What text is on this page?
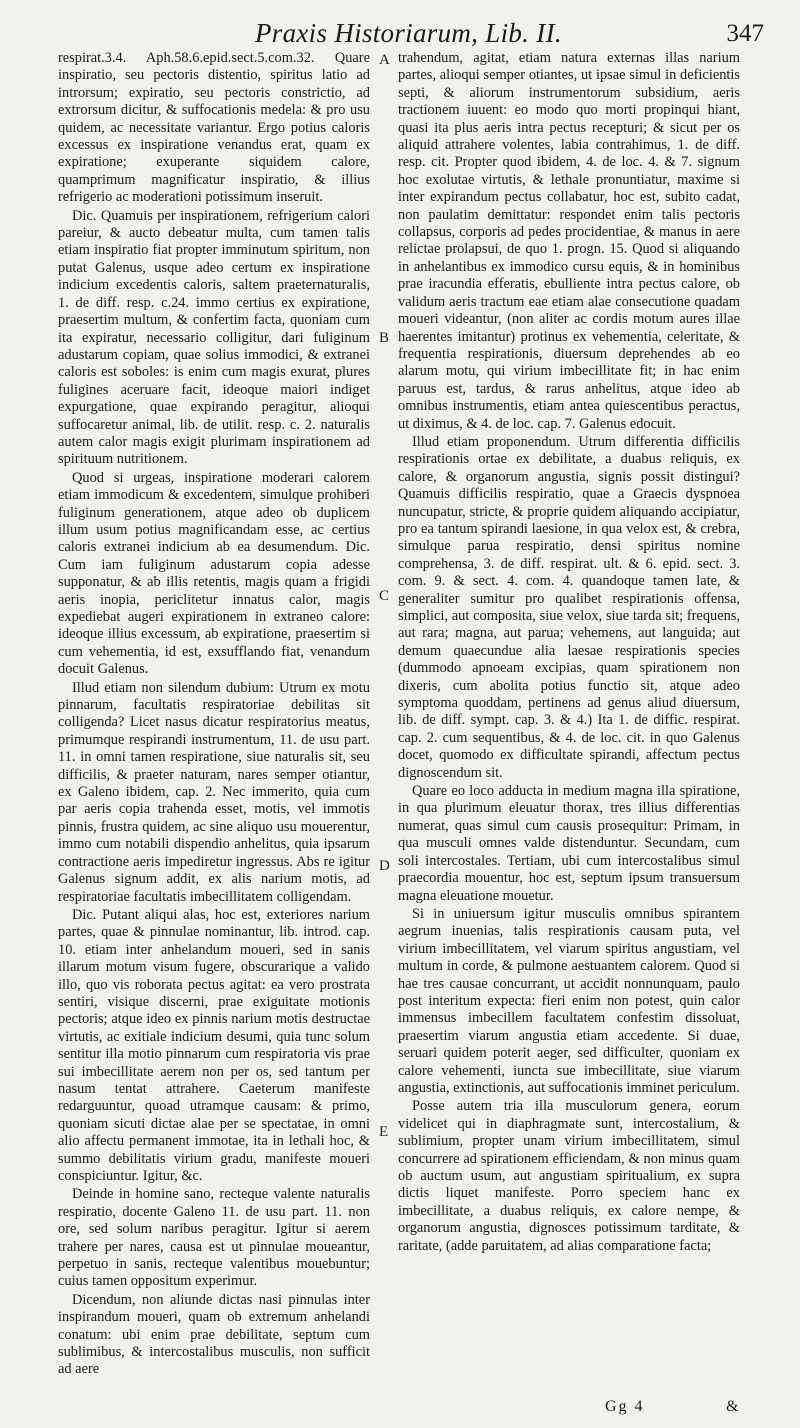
Praxis Historiarum, Lib. II.	347

respirat.3.4. Aph.58.6.epid.sect.5.com.32. Quare inspiratio, seu pectoris distentio, spiritus latio ad introrsum; expiratio, seu pectoris constrictio, ad extrorsum dicitur, & suffocationis medela: & pro usu quidem, ac necessitate variantur. Ergo potius caloris excessus ex inspiratione venandus erat, quam ex expiratione; exuperante siquidem calore, quamprimum magnificatur inspiratio, & illius refrigerio ac moderationi potissimum inseruit.

Dic. Quamuis per inspirationem, refrigerium calori pareiur, & aucto debeatur multa, cum tamen talis etiam inspiratio fiat propter imminutum spiritum, non putat Galenus, usque adeo certum ex inspiratione indicium excedentis caloris, saltem praeternaturalis, 1. de diff. resp. c.24. immo certius ex expiratione, praesertim multum, & confertim facta, quoniam cum ita expiratur, necessario colligitur, dari fuliginum adustarum copiam, quae solius immodici, & extranei caloris est soboles: is enim cum magis exurat, plures fuligines aceruare facit, ideoque maiori indiget expurgatione, quae expirando peragitur, alioqui suffocaretur animal, lib. de utilit. resp. c. 2. naturalis autem calor magis exigit plurimam inspirationem ad spirituum nutritionem.

Quod si urgeas, inspiratione moderari calorem etiam immodicum & excedentem, simulque prohiberi fuliginum generationem, atque adeo ob duplicem illum usum potius magnificandam esse, ac certius caloris extranei indicium ab ea desumendum. Dic. Cum iam fuliginum adustarum copia adesse supponatur, & ab illis retentis, magis quam a frigidi aeris inopia, periclitetur innatus calor, magis expediebat augeri expirationem in extraneo calore: ideoque illius excessum, ab expiratione, praesertim si cum vehementia, id est, exsufflando fiat, venandum docuit Galenus.

Illud etiam non silendum dubium: Utrum ex motu pinnarum, facultatis respiratoriae debilitas sit colligenda? Licet nasus dicatur respiratorius meatus, primumque respirandi instrumentum, 11. de usu part. 11. in omni tamen respiratione, siue naturalis sit, seu difficilis, & praeter naturam, nares semper otiantur, ex Galeno ibidem, cap. 2. Nec immerito, quia cum par aeris copia trahenda esset, motis, vel immotis pinnis, frustra quidem, ac sine aliquo usu mouerentur, immo cum notabili dispendio anhelitus, quia ipsarum contractione aeris impediretur ingressus. Abs re igitur Galenus signum addit, ex alis narium motis, ad respiratoriae facultatis imbecillitatem colligendam.

Dic. Putant aliqui alas, hoc est, exteriores narium partes, quae & pinnulae nominantur, lib. introd. cap. 10. etiam inter anhelandum moueri, sed in sanis illarum motum visum fugere, obscurarique a valido illo, quo vis roborata pectus agitat: ea vero prostrata sentiri, visique discerni, prae exiguitate motionis pectoris; atque ideo ex pinnis narium motis destructae virtutis, ac exitiale indicium desumi, quia tunc solum sentitur illa motio pinnarum cum respiratoria vis prae sui imbecillitate aerem non per os, sed tantum per nasum tentat attrahere. Caeterum manifeste redarguuntur, quoad utramque causam: & primo, quoniam sicuti dictae alae per se spectatae, in omni alio affectu permanent immotae, ita in lethali hoc, & summo debilitatis virium gradu, manifeste moueri conspiciuntur. Igitur, &c.

Deinde in homine sano, recteque valente naturalis respiratio, docente Galeno 11. de usu part. 11. non ore, sed solum naribus peragitur. Igitur si aerem trahere per nares, causa est ut pinnulae moueantur, perpetuo in sanis, recteque valentibus mouebuntur; cuius tamen oppositum experimur.

Dicendum, non aliunde dictas nasi pinnulas inter inspirandum moueri, quam ob extremum anhelandi conatum: ubi enim prae debilitate, septum cum sublimibus, & intercostalibus musculis, non sufficit ad aere

A
B
C
D
E

trahendum, agitat, etiam natura externas illas narium partes, alioqui semper otiantes, ut ipsae simul in deficientis septi, & aliorum instrumentorum subsidium, aeris tractionem iuuent: eo modo quo morti propinqui hiant, quasi ita plus aeris intra pectus recepturi; & sicut per os aliquid attrahere volentes, labia contrahimus, 1. de diff. resp. cit. Propter quod ibidem, 4. de loc. 4. & 7. signum hoc exolutae virtutis, & lethale pronuntiatur, maxime si inter expirandum pectus collabatur, hoc est, subito cadat, non paulatim demittatur: respondet enim talis pectoris collapsus, corporis ad pedes procidentiae, & manus in aere relictae prolapsui, de quo 1. progn. 15. Quod si aliquando in anhelantibus ex immodico cursu equis, & in hominibus prae iracundia efferatis, ebulliente intra pectus calore, ob validum aeris tractum eae etiam alae consecutione quadam moueri videantur, (non aliter ac cordis motum aures illae haerentes imitantur) protinus ex vehementia, celeritate, & frequentia respirationis, diuersum deprehendes ab eo alarum motu, qui virium imbecillitate fit; in hac enim paruus est, tardus, & rarus anhelitus, atque ideo ab omnibus instrumentis, etiam antea quiescentibus peractus, ut diximus, & 4. de loc. cap. 7. Galenus edocuit.

Illud etiam proponendum. Utrum differentia difficilis respirationis ortae ex debilitate, a duabus reliquis, ex calore, & organorum angustia, signis possit distingui? Quamuis difficilis respiratio, quae a Graecis dyspnoea nuncupatur, stricte, & proprie quidem aliquando accipiatur, pro ea tantum spirandi laesione, in qua velox est, & crebra, simulque parua respiratio, densi spiritus nomine comprehensa, 3. de diff. respirat. ult. & 6. epid. sect. 3. com. 9. & sect. 4. com. 4. quandoque tamen late, & generaliter sumitur pro qualibet respirationis offensa, simplici, aut composita, siue velox, siue tarda sit; frequens, aut rara; magna, aut parua; vehemens, aut languida; aut demum quaecundue alia laesae respirationis species (dummodo apnoeam excipias, quam spirationem non dixeris, cum abolita potius functio sit, atque adeo symptoma quoddam, pertinens ad genus aliud diuersum, lib. de diff. sympt. cap. 3. & 4.) Ita 1. de diffic. respirat. cap. 2. cum sequentibus, & 4. de loc. cit. in quo Galenus docet, quomodo ex difficultate spirandi, affectum pectus dignoscendum sit.

Quare eo loco adducta in medium magna illa spiratione, in qua plurimum eleuatur thorax, tres illius differentias numerat, quas simul cum causis prosequitur: Primam, in qua musculi omnes valde distenduntur. Secundam, cum soli intercostales. Tertiam, ubi cum intercostalibus simul praecordia mouentur, hoc est, septum ipsum transuersum magna eleuatione mouetur.

Si in uniuersum igitur musculis omnibus spirantem aegrum inuenias, talis respirationis causam puta, vel virium imbecillitatem, vel viarum spiritus angustiam, vel multum in corde, & pulmone aestuantem calorem. Quod si hae tres causae concurrant, ut accidit nonnunquam, paulo post interitum expecta: fieri enim non potest, quin calor immensus imbecillem facultatem confestim dissoluat, praesertim viarum angustia etiam accedente. Si duae, seruari quidem poterit aeger, sed difficulter, quoniam ex calore vehementi, iuncta sue imbecillitate, siue viarum angustia, extinctionis, aut suffocationis imminet periculum.

Posse autem tria illa musculorum genera, eorum videlicet qui in diaphragmate sunt, intercostalium, & sublimium, propter unam virium imbecillitatem, simul concurrere ad spirationem efficiendam, & non minus quam ob auctum usum, aut angustiam spiritualium, ex supra dictis liquet manifeste. Porro speciem hanc ex imbecillitate, a duabus reliquis, ex calore nempe, & organorum angustia, dignosces potissimum tarditate, & raritate, (adde paruitatem, ad alias comparatione facta;

Gg 4	&
